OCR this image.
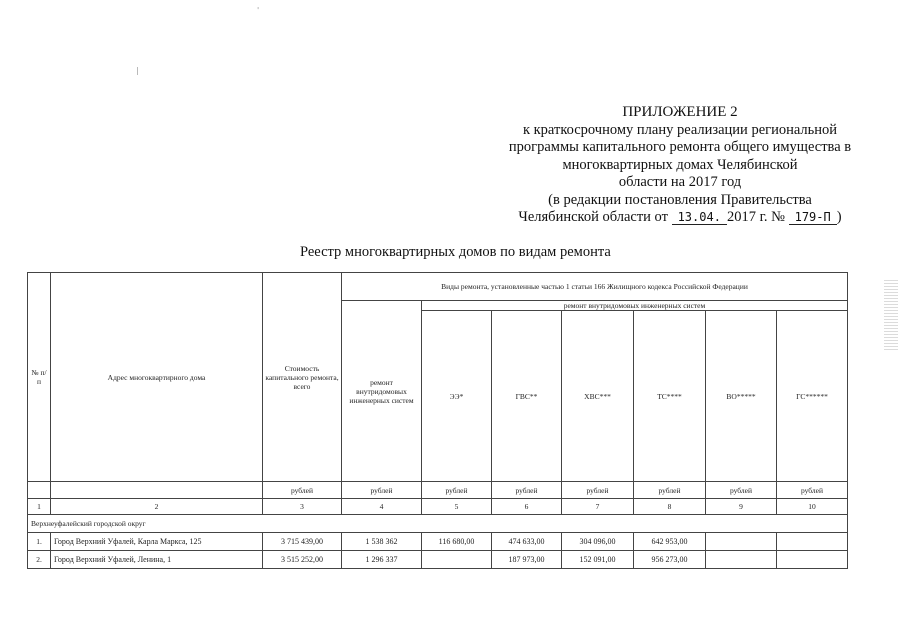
'
|
ПРИЛОЖЕНИЕ 2
к краткосрочному плану реализации региональной
программы капитального ремонта общего имущества в
многоквартирных домах Челябинской
области на 2017 год
(в редакции постановления Правительства
Челябинской области от 13.04. 2017 г. № 179-П )
Реестр многоквартирных домов по видам ремонта
№ п/п	Адрес многоквартирного дома	Стоимость капитального ремонта, всего	Виды ремонта, установленные частью 1 статьи 166 Жилищного кодекса Российской Федерации						
			ремонт внутридомовых инженерных систем	ремонт внутридомовых инженерных систем					
				ЭЭ*	ГВС**	ХВС***	ТС****	ВО*****	ГС******
		рублей	рублей	рублей	рублей	рублей	рублей	рублей	рублей
1	2	3	4	5	6	7	8	9	10
Верхнеуфалейский городской округ									
1.	Город Верхний Уфалей, Карла Маркса, 125	3 715 439,00	1 538 362	116 680,00	474 633,00	304 096,00	642 953,00		
2.	Город Верхний Уфалей, Ленина, 1	3 515 252,00	1 296 337		187 973,00	152 091,00	956 273,00		
